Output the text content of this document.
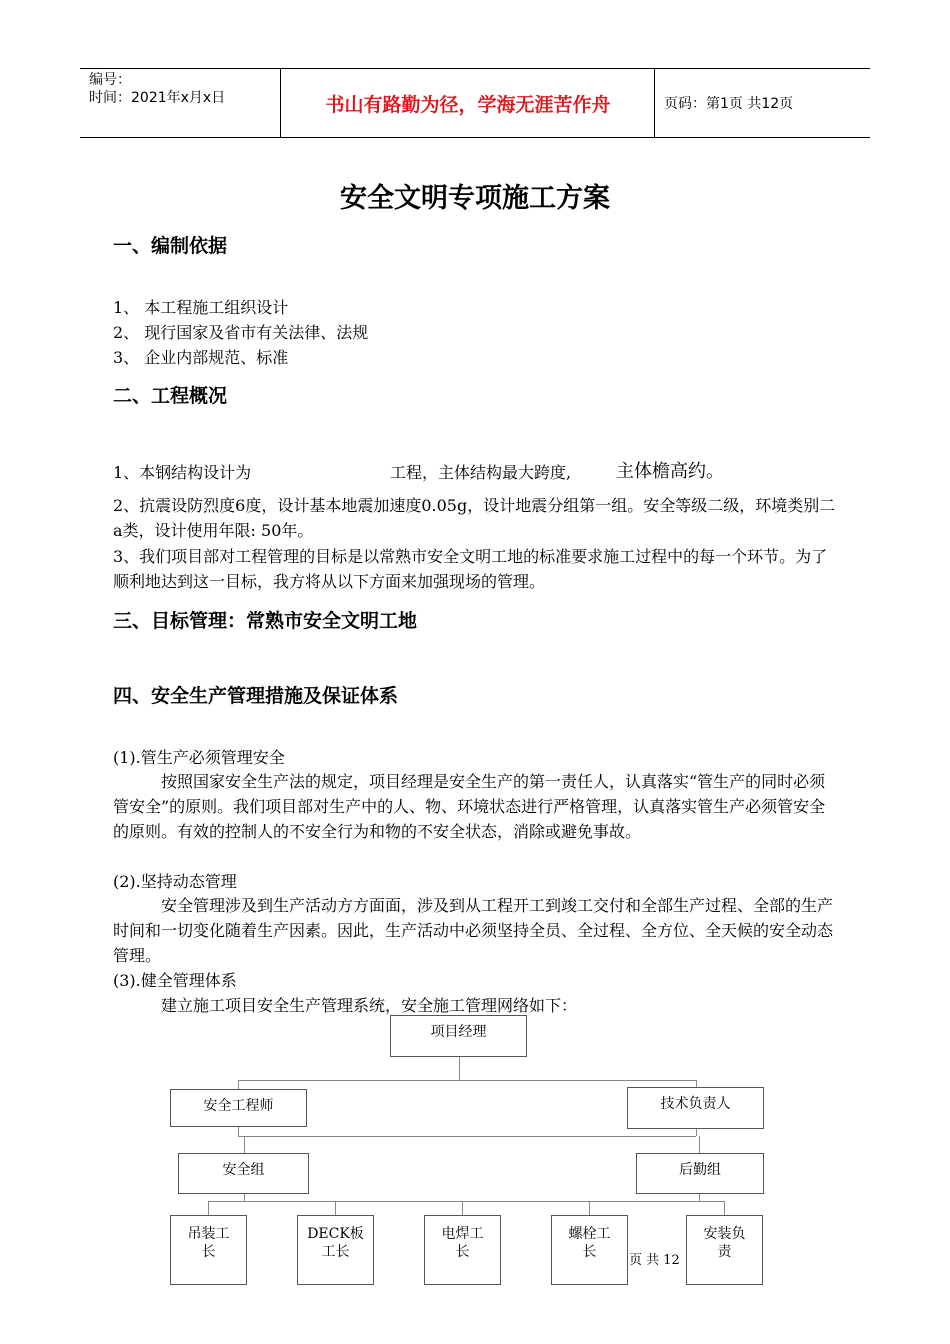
编号：
时间：2021年x月x日	书山有路勤为径，学海无涯苦作舟	页码：第1页 共12页
安全文明专项施工方案
一、编制依据
1、 本工程施工组织设计
2、 现行国家及省市有关法律、法规
3、 企业内部规范、标准
二、工程概况
1、本钢结构设计为	工程，主体结构最大跨度, 主体檐高约。
2、抗震设防烈度6度，设计基本地震加速度0.05g，设计地震分组第一组。安全等级二级，环境类别二a类，设计使用年限: 50年。
3、我们项目部对工程管理的目标是以常熟市安全文明工地的标准要求施工过程中的每一个环节。为了顺利地达到这一目标，我方将从以下方面来加强现场的管理。
三、目标管理：常熟市安全文明工地
四、安全生产管理措施及保证体系
(1).管生产必须管理安全
按照国家安全生产法的规定，项目经理是安全生产的第一责任人，认真落实“管生产的同时必须管安全”的原则。我们项目部对生产中的人、物、环境状态进行严格管理，认真落实管生产必须管安全的原则。有效的控制人的不安全行为和物的不安全状态，消除或避免事故。
(2).坚持动态管理
安全管理涉及到生产活动方方面面，涉及到从工程开工到竣工交付和全部生产过程、全部的生产时间和一切变化随着生产因素。因此，生产活动中必须坚持全员、全过程、全方位、全天候的安全动态管理。
(3).健全管理体系
建立施工项目安全生产管理系统，安全施工管理网络如下：
项目经理
安全工程师	技术负责人
安全组	后勤组
吊装工长
DECK板工长
电焊工长
螺栓工长
安装负责
页 共 12
